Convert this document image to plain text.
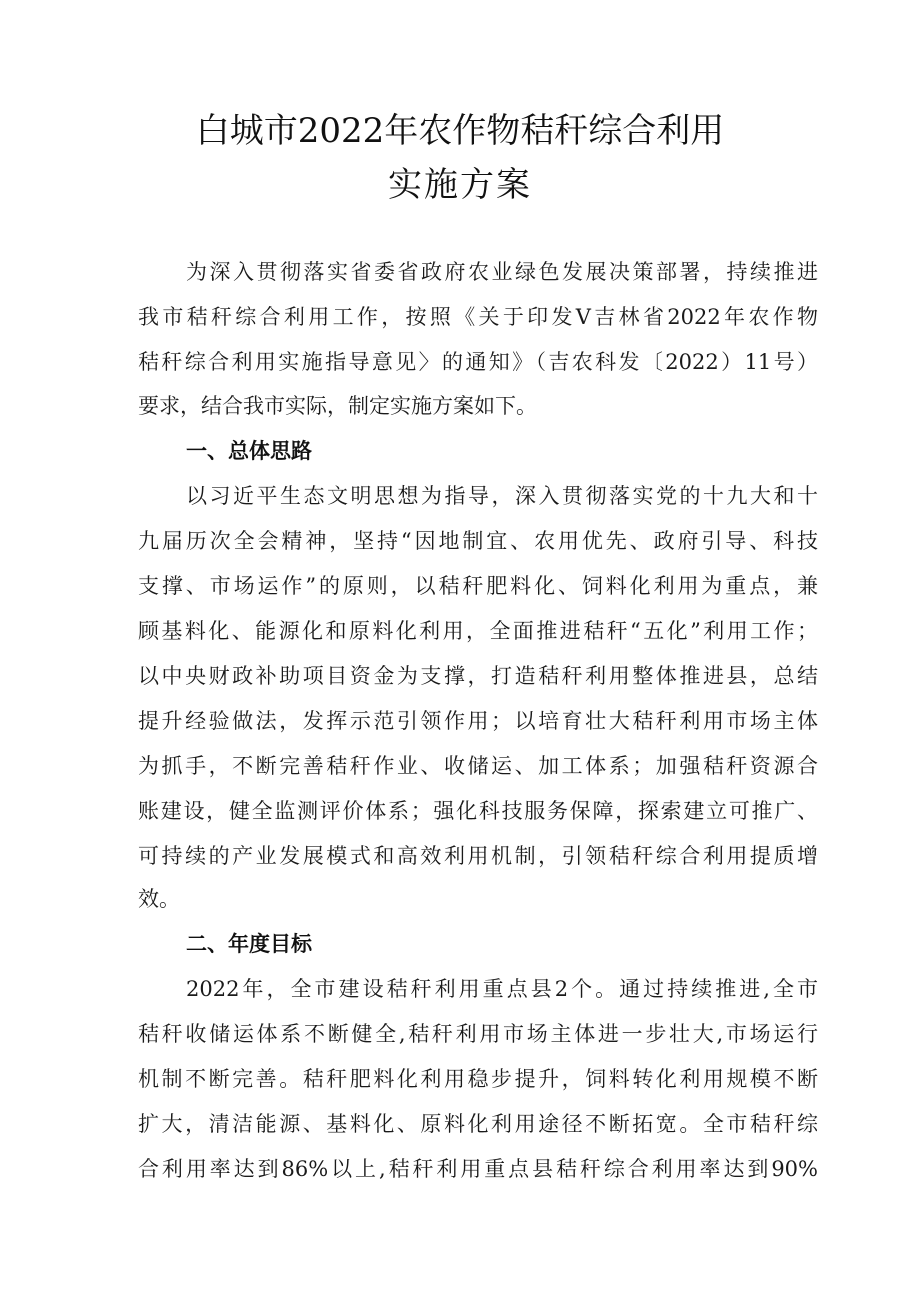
白城市2022年农作物秸秆综合利用
实施方案
为深入贯彻落实省委省政府农业绿色发展决策部署，持续推进
我市秸秆综合利用工作，按照《关于印发V吉林省2022年农作物
秸秆综合利用实施指导意见〉的通知》（吉农科发〔2022）11号）
要求，结合我市实际，制定实施方案如下。
一、总体思路
以习近平生态文明思想为指导，深入贯彻落实党的十九大和十
九届历次全会精神，坚持“因地制宜、农用优先、政府引导、科技
支撑、市场运作”的原则，以秸秆肥料化、饲料化利用为重点，兼
顾基料化、能源化和原料化利用，全面推进秸秆“五化”利用工作；
以中央财政补助项目资金为支撑，打造秸秆利用整体推进县，总结
提升经验做法，发挥示范引领作用；以培育壮大秸秆利用市场主体
为抓手，不断完善秸秆作业、收储运、加工体系；加强秸秆资源合
账建设，健全监测评价体系；强化科技服务保障，探索建立可推广、
可持续的产业发展模式和高效利用机制，引领秸秆综合利用提质增
效。
二、年度目标
2022年，全市建设秸秆利用重点县2个。通过持续推进,全市
秸秆收储运体系不断健全,秸秆利用市场主体进一步壮大,市场运行
机制不断完善。秸秆肥料化利用稳步提升，饲料转化利用规模不断
扩大，清洁能源、基料化、原料化利用途径不断拓宽。全市秸秆综
合利用率达到86%以上,秸秆利用重点县秸秆综合利用率达到90%
